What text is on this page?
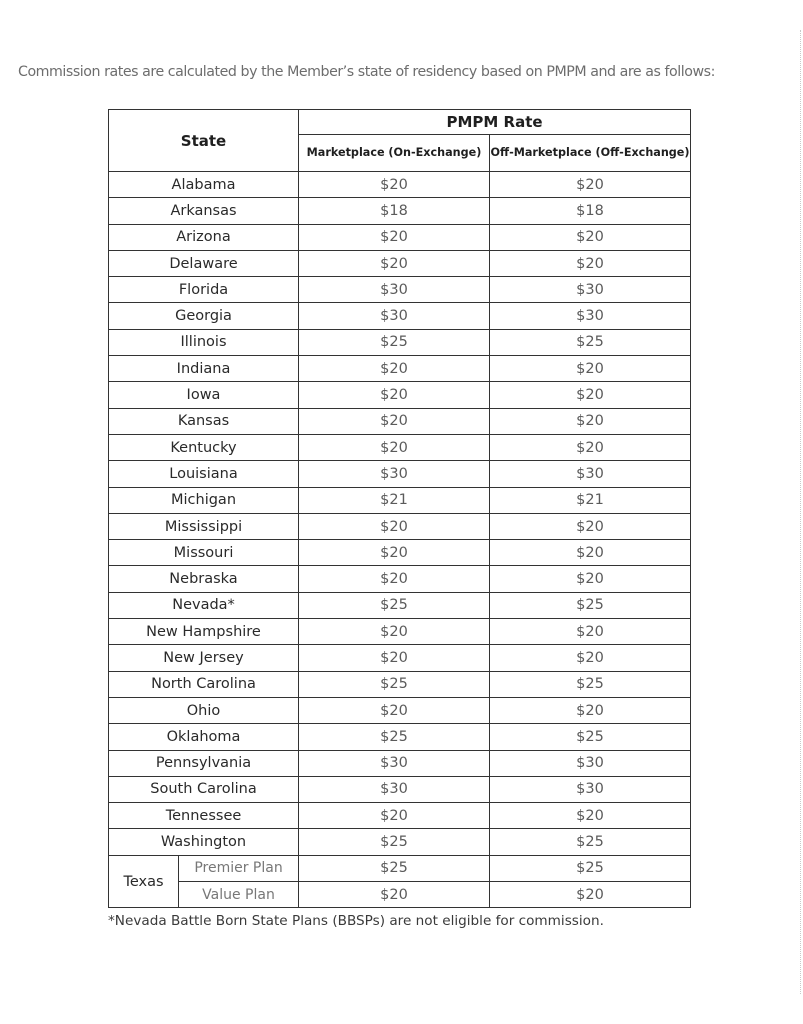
Commission rates are calculated by the Member’s state of residency based on PMPM and are as follows:

State		PMPM Rate	
		Marketplace (On-Exchange)	Off-Marketplace (Off-Exchange)
Alabama		$20	$20
Arkansas		$18	$18
Arizona		$20	$20
Delaware		$20	$20
Florida		$30	$30
Georgia		$30	$30
Illinois		$25	$25
Indiana		$20	$20
Iowa		$20	$20
Kansas		$20	$20
Kentucky		$20	$20
Louisiana		$30	$30
Michigan		$21	$21
Mississippi		$20	$20
Missouri		$20	$20
Nebraska		$20	$20
Nevada*		$25	$25
New Hampshire		$20	$20
New Jersey		$20	$20
North Carolina		$25	$25
Ohio		$20	$20
Oklahoma		$25	$25
Pennsylvania		$30	$30
South Carolina		$30	$30
Tennessee		$20	$20
Washington		$25	$25
Texas	Premier Plan	$25	$25
	Value Plan	$20	$20

*Nevada Battle Born State Plans (BBSPs) are not eligible for commission.
